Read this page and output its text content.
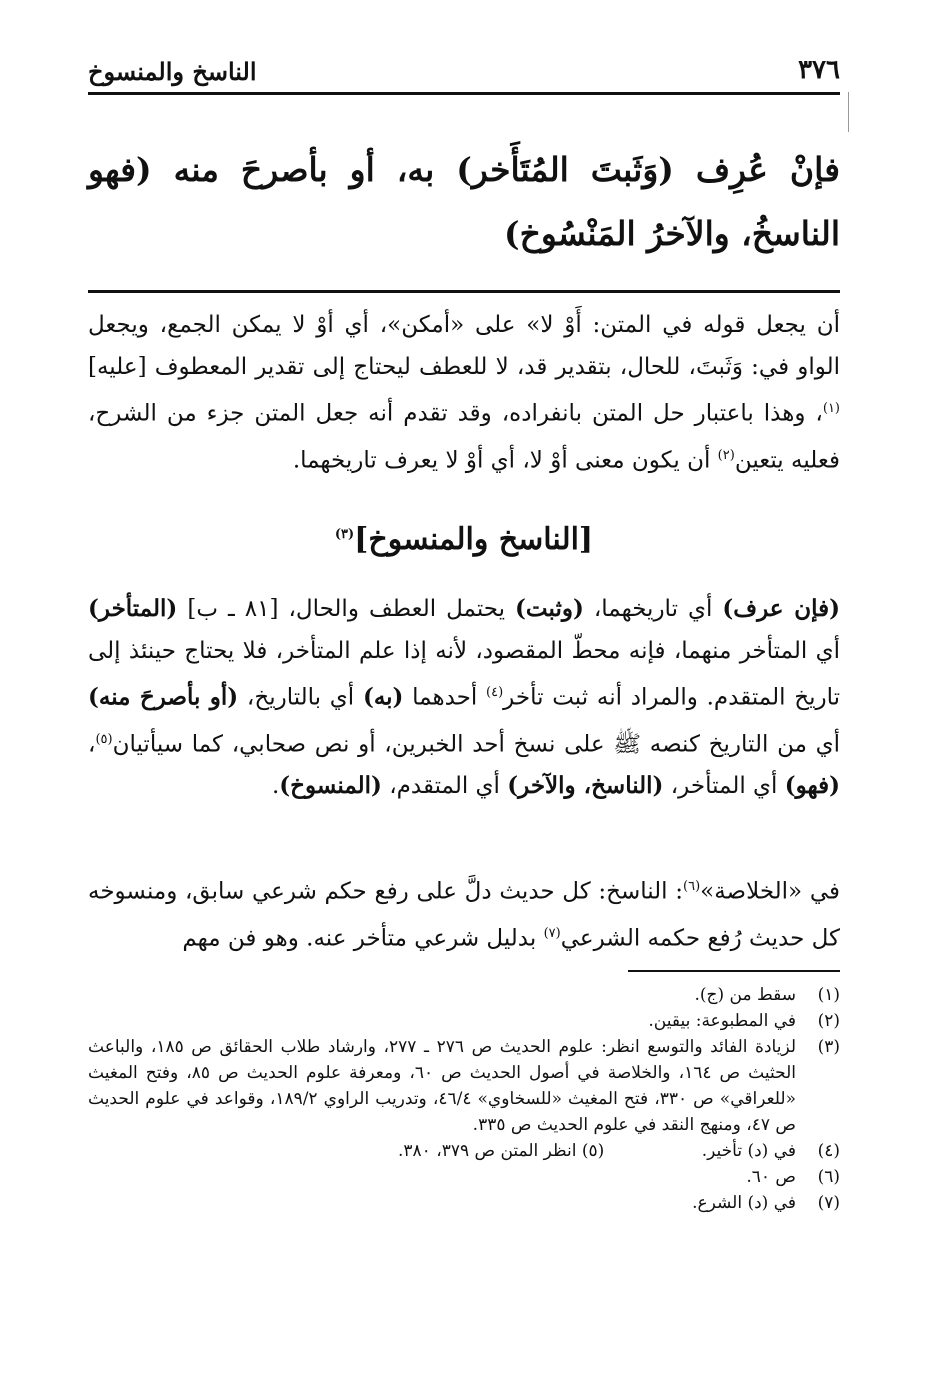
٣٧٦
الناسخ والمنسوخ
فإنْ عُرِف (وَثَبتَ المُتَأَخر) به، أو بأصرحَ منه (فهو الناسخُ، والآخرُ المَنْسُوخ)
أن يجعل قوله في المتن: أَوْ لا» على «أمكن»، أي أوْ لا يمكن الجمع، ويجعل الواو في: وَثَبتَ، للحال، بتقدير قد، لا للعطف ليحتاج إلى تقدير المعطوف [عليه]$^{(١)}$، وهذا باعتبار حل المتن بانفراده، وقد تقدم أنه جعل المتن جزء من الشرح، فعليه يتعين$^{(٢)}$ أن يكون معنى أوْ لا، أي أوْ لا يعرف تاريخهما.
[الناسخ والمنسوخ]$^{(٣)}$
(فإن عرف) أي تاريخهما، (وثبت) يحتمل العطف والحال، [٨١ ـ ب] (المتأخر) أي المتأخر منهما، فإنه محطّ المقصود، لأنه إذا علم المتأخر، فلا يحتاج حينئذ إلى تاريخ المتقدم. والمراد أنه ثبت تأخر$^{(٤)}$ أحدهما (به) أي بالتاريخ، (أو بأصرحَ منه) أي من التاريخ كنصه ﷺ على نسخ أحد الخبرين، أو نص صحابي، كما سيأتيان$^{(٥)}$، (فهو) أي المتأخر، (الناسخ، والآخر) أي المتقدم، (المنسوخ).
في «الخلاصة»$^{(٦)}$: الناسخ: كل حديث دلَّ على رفع حكم شرعي سابق، ومنسوخه كل حديث رُفع حكمه الشرعي$^{(٧)}$ بدليل شرعي متأخر عنه. وهو فن مهم
(١)
سقط من (ج).
(٢)
في المطبوعة: بيقين.
(٣)
لزيادة الفائد والتوسع انظر: علوم الحديث ص ٢٧٦ ـ ٢٧٧، وارشاد طلاب الحقائق ص ١٨٥، والباعث الحثيث ص ١٦٤، والخلاصة في أصول الحديث ص ٦٠، ومعرفة علوم الحديث ص ٨٥، وفتح المغيث «للعراقي» ص ٣٣٠، فتح المغيث «للسخاوي» ٤٦/٤، وتدريب الراوي ١٨٩/٢، وقواعد في علوم الحديث ص ٤٧، ومنهج النقد في علوم الحديث ص ٣٣٥.
(٤)
في (د) تأخير.
(٥) انظر المتن ص ٣٧٩، ٣٨٠.
(٦)
ص ٦٠.
(٧)
في (د) الشرع.
